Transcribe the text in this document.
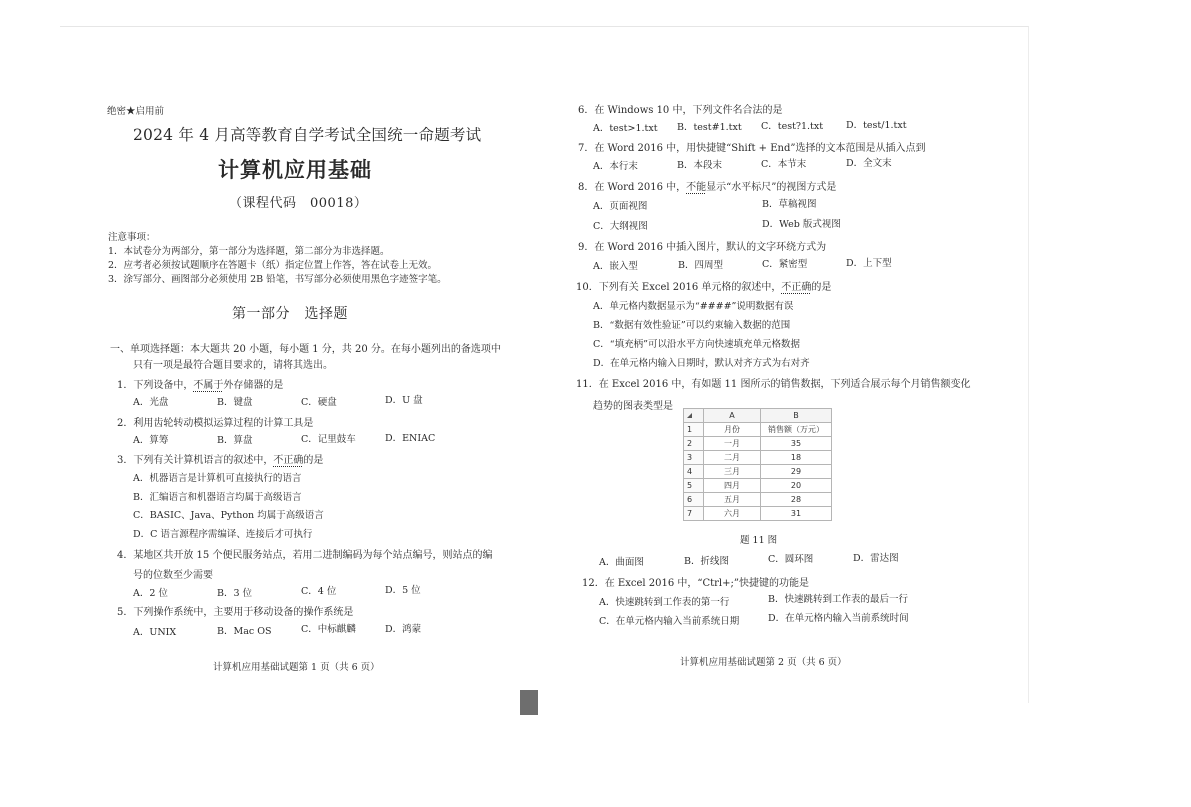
绝密★启用前
2024 年 4 月高等教育自学考试全国统一命题考试
计算机应用基础
（课程代码　00018）
注意事项：
1．本试卷分为两部分，第一部分为选择题，第二部分为非选择题。
2．应考者必须按试题顺序在答题卡（纸）指定位置上作答，答在试卷上无效。
3．涂写部分、画图部分必须使用 2B 铅笔，书写部分必须使用黑色字迹签字笔。
第一部分　选择题
一、单项选择题：本大题共 20 小题，每小题 1 分，共 20 分。在每小题列出的备选项中
只有一项是最符合题目要求的，请将其选出。
1．下列设备中，不属于外存储器的是
A．光盘	B．键盘	C．硬盘	D．U 盘
2．利用齿轮转动模拟运算过程的计算工具是
A．算筹	B．算盘	C．记里鼓车	D．ENIAC
3．下列有关计算机语言的叙述中，不正确的是
A．机器语言是计算机可直接执行的语言
B．汇编语言和机器语言均属于高级语言
C．BASIC、Java、Python 均属于高级语言
D．C 语言源程序需编译、连接后才可执行
4．某地区共开放 15 个便民服务站点，若用二进制编码为每个站点编号，则站点的编
号的位数至少需要
A．2 位	B．3 位	C．4 位	D．5 位
5．下列操作系统中，主要用于移动设备的操作系统是
A．UNIX	B．Mac OS	C．中标麒麟	D．鸿蒙
计算机应用基础试题第 1 页（共 6 页）
6．在 Windows 10 中，下列文件名合法的是
A．test>1.txt B．test#1.txt C．test?1.txt D．test/1.txt
7．在 Word 2016 中，用快捷键“Shift + End”选择的文本范围是从插入点到
A．本行末	B．本段末	C．本节末	D．全文末
8．在 Word 2016 中，不能显示“水平标尺”的视图方式是
A．页面视图	B．草稿视图
C．大纲视图	D．Web 版式视图
9．在 Word 2016 中插入图片，默认的文字环绕方式为
A．嵌入型	B．四周型	C．紧密型	D．上下型
10．下列有关 Excel 2016 单元格的叙述中，不正确的是
A．单元格内数据显示为“####”说明数据有误
B．“数据有效性验证”可以约束输入数据的范围
C．“填充柄”可以沿水平方向快速填充单元格数据
D．在单元格内输入日期时，默认对齐方式为右对齐
11．在 Excel 2016 中，有如题 11 图所示的销售数据，下列适合展示每个月销售额变化
趋势的图表类型是
	A	B
1	月份	销售额（万元）
2	一月	35
3	二月	18
4	三月	29
5	四月	20
6	五月	28
7	六月	31
题 11 图
A．曲面图	B．折线图	C．圆环图	D．雷达图
12．在 Excel 2016 中，“Ctrl+;”快捷键的功能是
A．快速跳转到工作表的第一行	B．快速跳转到工作表的最后一行
C．在单元格内输入当前系统日期	D．在单元格内输入当前系统时间
计算机应用基础试题第 2 页（共 6 页）
